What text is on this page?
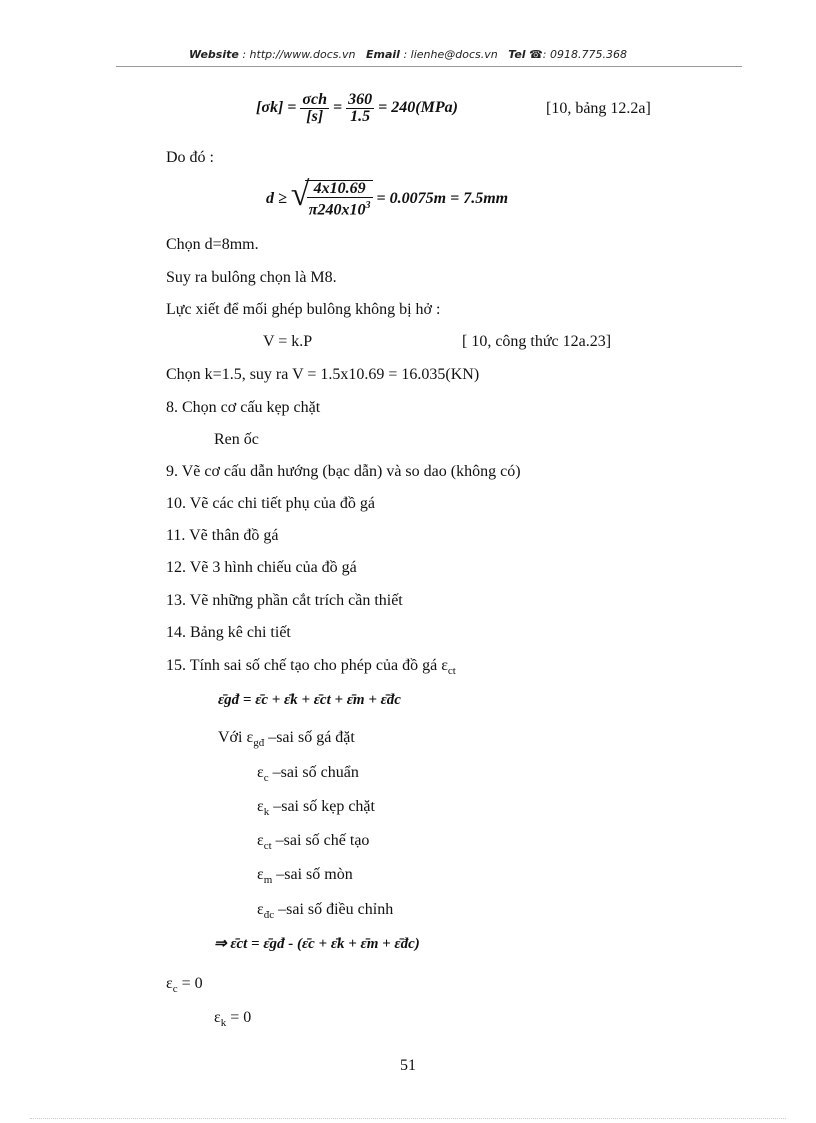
Website : http://www.docs.vn Email : lienhe@docs.vn Tel ☎: 0918.775.368
$[\sigma k] = \frac{\text{σch}}{[s]} = \frac{360}{1.5} = 240(MPa)$	[10, bảng 12.2a]
Do đó :
d ≥ √
$\frac{4x10.69}{\pi 240x10^3} = 0.0075m = 7.5mm$
Chọn d=8mm.
Suy ra bulông chọn là M8.
Lực xiết để mối ghép bulông không bị hở :
V = k.P	[ 10, công thức 12a.23]
Chọn k=1.5, suy ra V = 1.5x10.69 = 16.035(KN)
8. Chọn cơ cấu kẹp chặt
Ren ốc
9. Vẽ cơ cấu dẫn hướng (bạc dẫn) và so dao (không có)
10. Vẽ các chi tiết phụ của đồ gá
11. Vẽ thân đồ gá
12. Vẽ 3 hình chiếu của đồ gá
13. Vẽ những phần cắt trích cần thiết
14. Bảng kê chi tiết
15. Tính sai số chế tạo cho phép của đồ gá $\varepsilon_{ct}$
ε̄gđ = ε̄c + ε̄k + ε̄ct + ε̄m + ε̄đc
Với $\varepsilon_{gđ}$ –sai số gá đặt
$\varepsilon_c$ –sai số chuẩn
$\varepsilon_k$ –sai số kẹp chặt
$\varepsilon_{ct}$ –sai số chế tạo
$\varepsilon_m$ –sai số mòn
$\varepsilon_{đc}$ –sai số điều chỉnh
⇒ ε̄ct = ε̄gđ - (ε̄c + ε̄k + ε̄m + ε̄đc)
$\varepsilon_c = 0$
$\varepsilon_k = 0$
51
